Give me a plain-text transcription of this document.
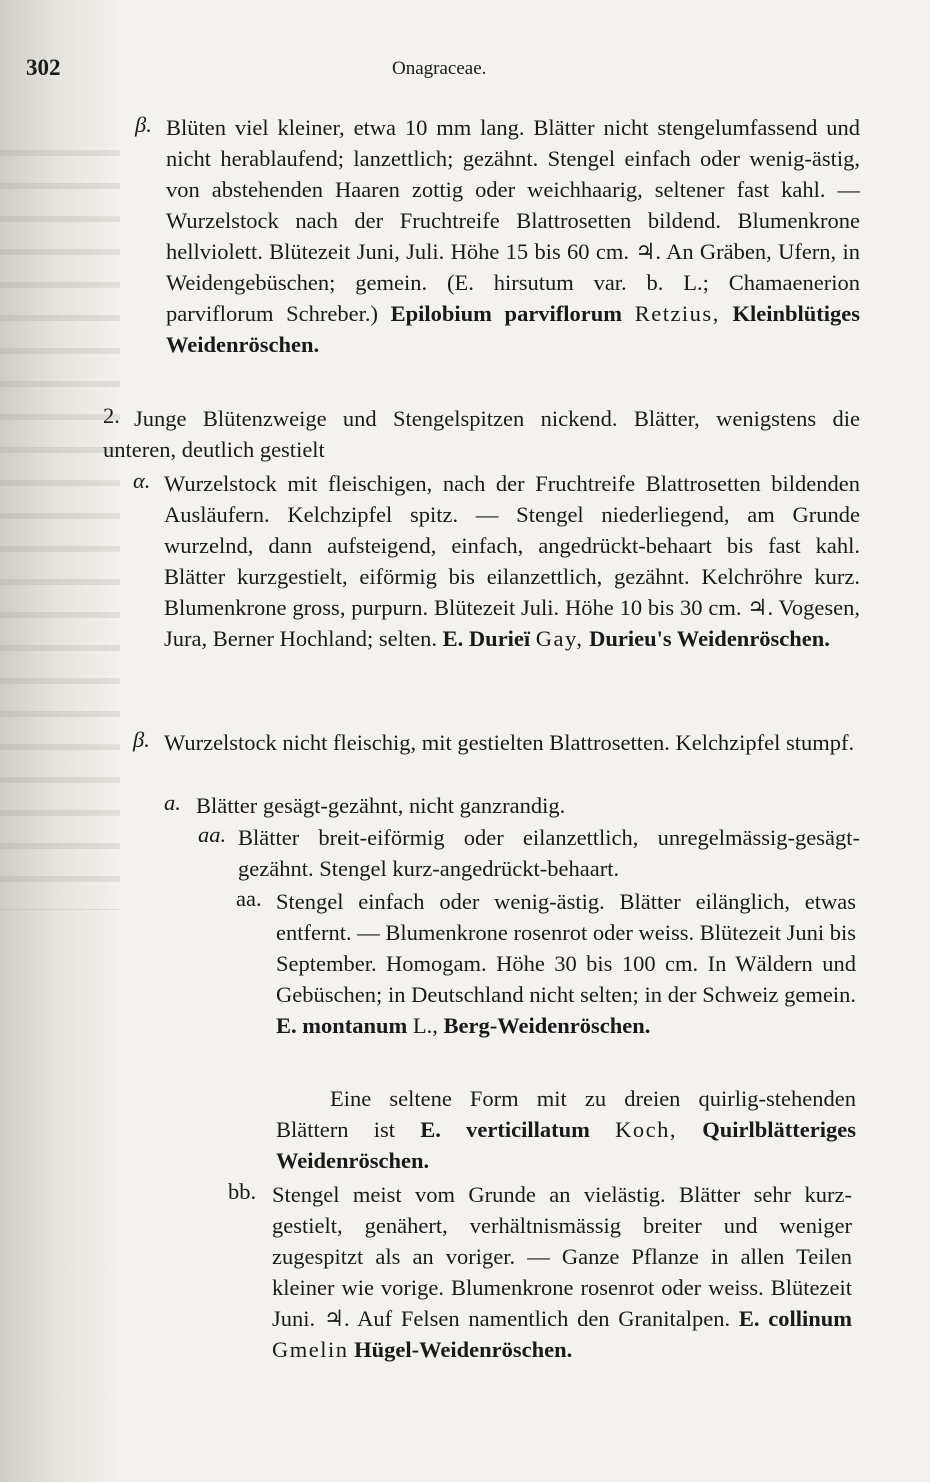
302	Onagraceae.
β. Blüten viel kleiner, etwa 10 mm lang. Blätter nicht stengelumfassend und nicht herablaufend; lanzettlich; gezähnt. Stengel einfach oder wenig-ästig, von abstehenden Haaren zottig oder weichhaarig, seltener fast kahl. — Wurzelstock nach der Fruchtreife Blattrosetten bildend. Blumenkrone hellviolett. Blütezeit Juni, Juli. Höhe 15 bis 60 cm. ♃. An Gräben, Ufern, in Weidengebüschen; gemein. (E. hirsutum var. b. L.; Chamaenerion parviflorum Schreber.) Epilobium parviflorum Retzius, Kleinblütiges Weidenröschen.
2. Junge Blütenzweige und Stengelspitzen nickend. Blätter, wenigstens die unteren, deutlich gestielt
α. Wurzelstock mit fleischigen, nach der Fruchtreife Blattrosetten bildenden Ausläufern. Kelchzipfel spitz. — Stengel niederliegend, am Grunde wurzelnd, dann aufsteigend, einfach, angedrückt-behaart bis fast kahl. Blätter kurzgestielt, eiförmig bis eilanzettlich, gezähnt. Kelchröhre kurz. Blumenkrone gross, purpurn. Blütezeit Juli. Höhe 10 bis 30 cm. ♃. Vogesen, Jura, Berner Hochland; selten. E. Durieï Gay, Durieu's Weidenröschen.
β. Wurzelstock nicht fleischig, mit gestielten Blattrosetten. Kelchzipfel stumpf.
a. Blätter gesägt-gezähnt, nicht ganzrandig.
aa. Blätter breit-eiförmig oder eilanzettlich, unregelmässig-gesägt-gezähnt. Stengel kurz-angedrückt-behaart.
aa. Stengel einfach oder wenig-ästig. Blätter eilänglich, etwas entfernt. — Blumenkrone rosenrot oder weiss. Blütezeit Juni bis September. Homogam. Höhe 30 bis 100 cm. In Wäldern und Gebüschen; in Deutschland nicht selten; in der Schweiz gemein. E. montanum L., Berg-Weidenröschen.
Eine seltene Form mit zu dreien quirlig-stehenden Blättern ist E. verticillatum Koch, Quirlblätteriges Weidenröschen.
bb. Stengel meist vom Grunde an vielästig. Blätter sehr kurz-gestielt, genähert, verhältnismässig breiter und weniger zugespitzt als an voriger. — Ganze Pflanze in allen Teilen kleiner wie vorige. Blumenkrone rosenrot oder weiss. Blütezeit Juni. ♃. Auf Felsen namentlich den Granitalpen. E. collinum Gmelin Hügel-Weidenröschen.
